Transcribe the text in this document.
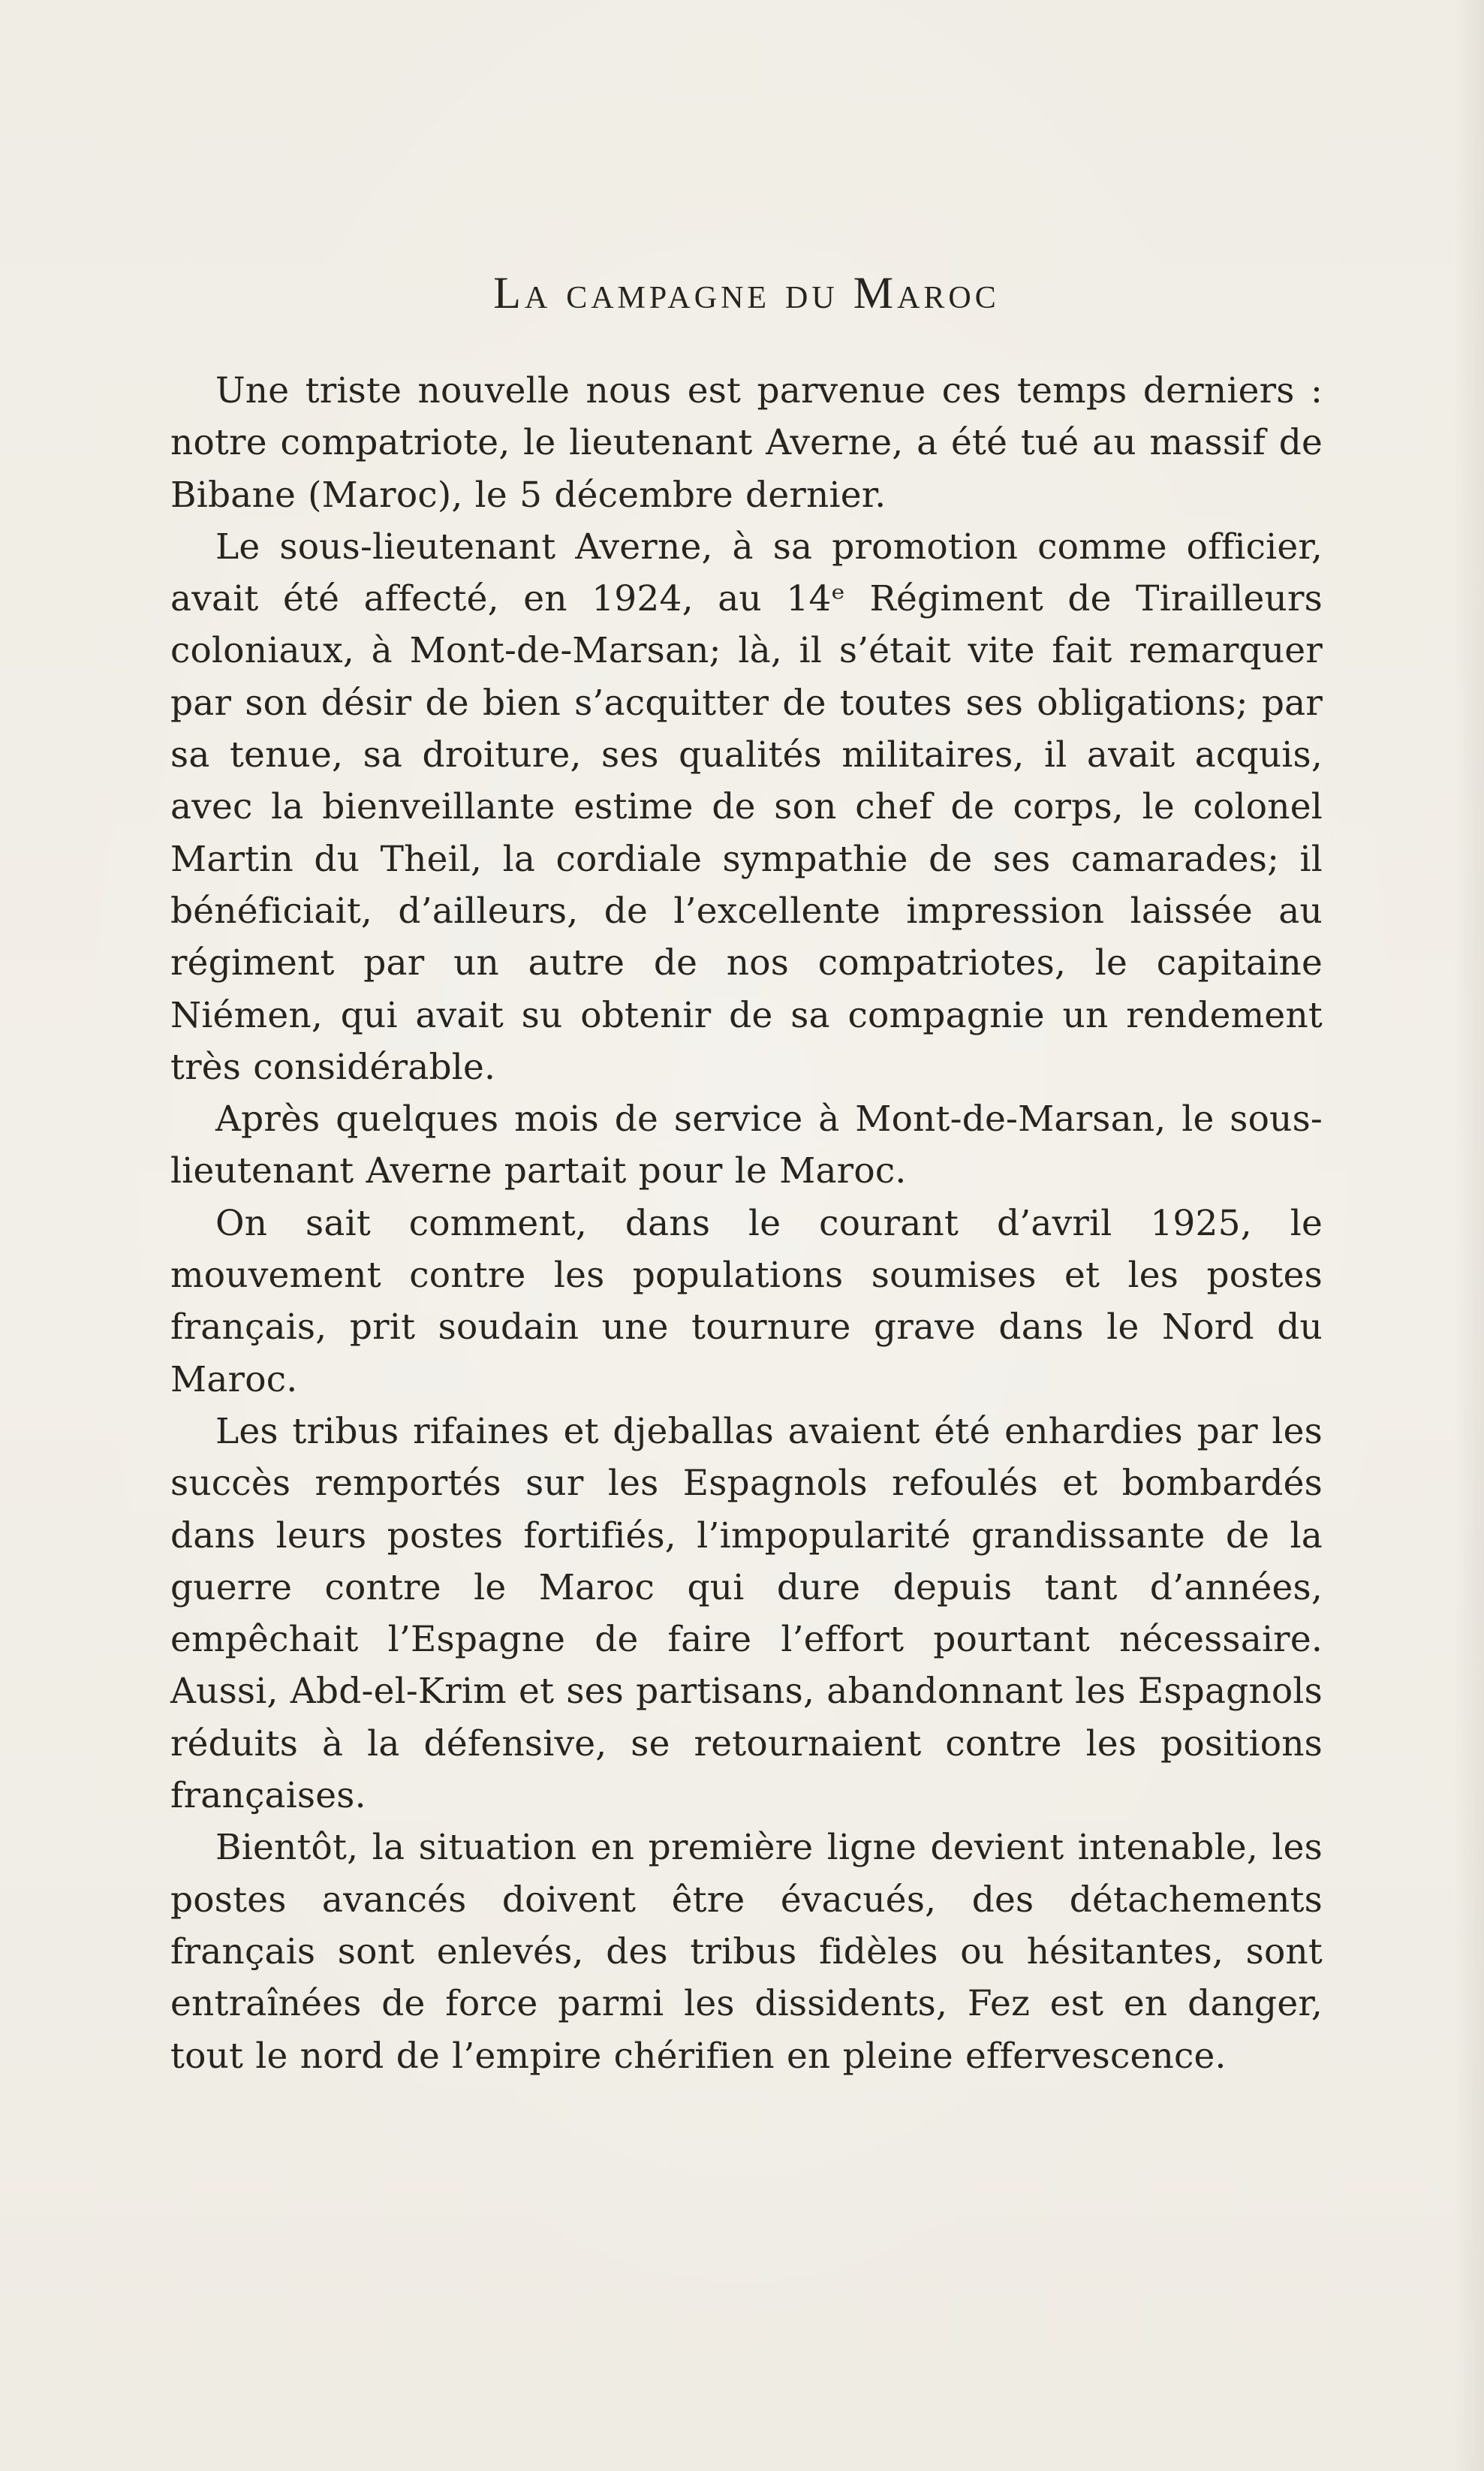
La campagne du Maroc

Une triste nouvelle nous est parvenue ces temps derniers : notre compatriote, le lieutenant Averne, a été tué au massif de Bibane (Maroc), le 5 décembre dernier.

Le sous-lieutenant Averne, à sa promotion comme officier, avait été affecté, en 1924, au 14ᵉ Régiment de Tirailleurs coloniaux, à Mont-de-Marsan; là, il s’était vite fait remarquer par son désir de bien s’acquitter de toutes ses obligations; par sa tenue, sa droiture, ses qualités militaires, il avait acquis, avec la bienveillante estime de son chef de corps, le colonel Martin du Theil, la cordiale sympathie de ses camarades; il bénéficiait, d’ailleurs, de l’excellente impression laissée au régiment par un autre de nos compatriotes, le capitaine Niémen, qui avait su obtenir de sa compagnie un rendement très considérable.

Après quelques mois de service à Mont-de-Marsan, le sous-lieutenant Averne partait pour le Maroc.

On sait comment, dans le courant d’avril 1925, le mouvement contre les populations soumises et les postes français, prit soudain une tournure grave dans le Nord du Maroc.

Les tribus rifaines et djeballas avaient été enhardies par les succès remportés sur les Espagnols refoulés et bombardés dans leurs postes fortifiés, l’impopularité grandissante de la guerre contre le Maroc qui dure depuis tant d’années, empêchait l’Espagne de faire l’effort pourtant nécessaire. Aussi, Abd-el-Krim et ses partisans, abandonnant les Espagnols réduits à la défensive, se retournaient contre les positions françaises.

Bientôt, la situation en première ligne devient intenable, les postes avancés doivent être évacués, des détachements français sont enlevés, des tribus fidèles ou hésitantes, sont entraînées de force parmi les dissidents, Fez est en danger, tout le nord de l’empire chérifien en pleine effervescence.
